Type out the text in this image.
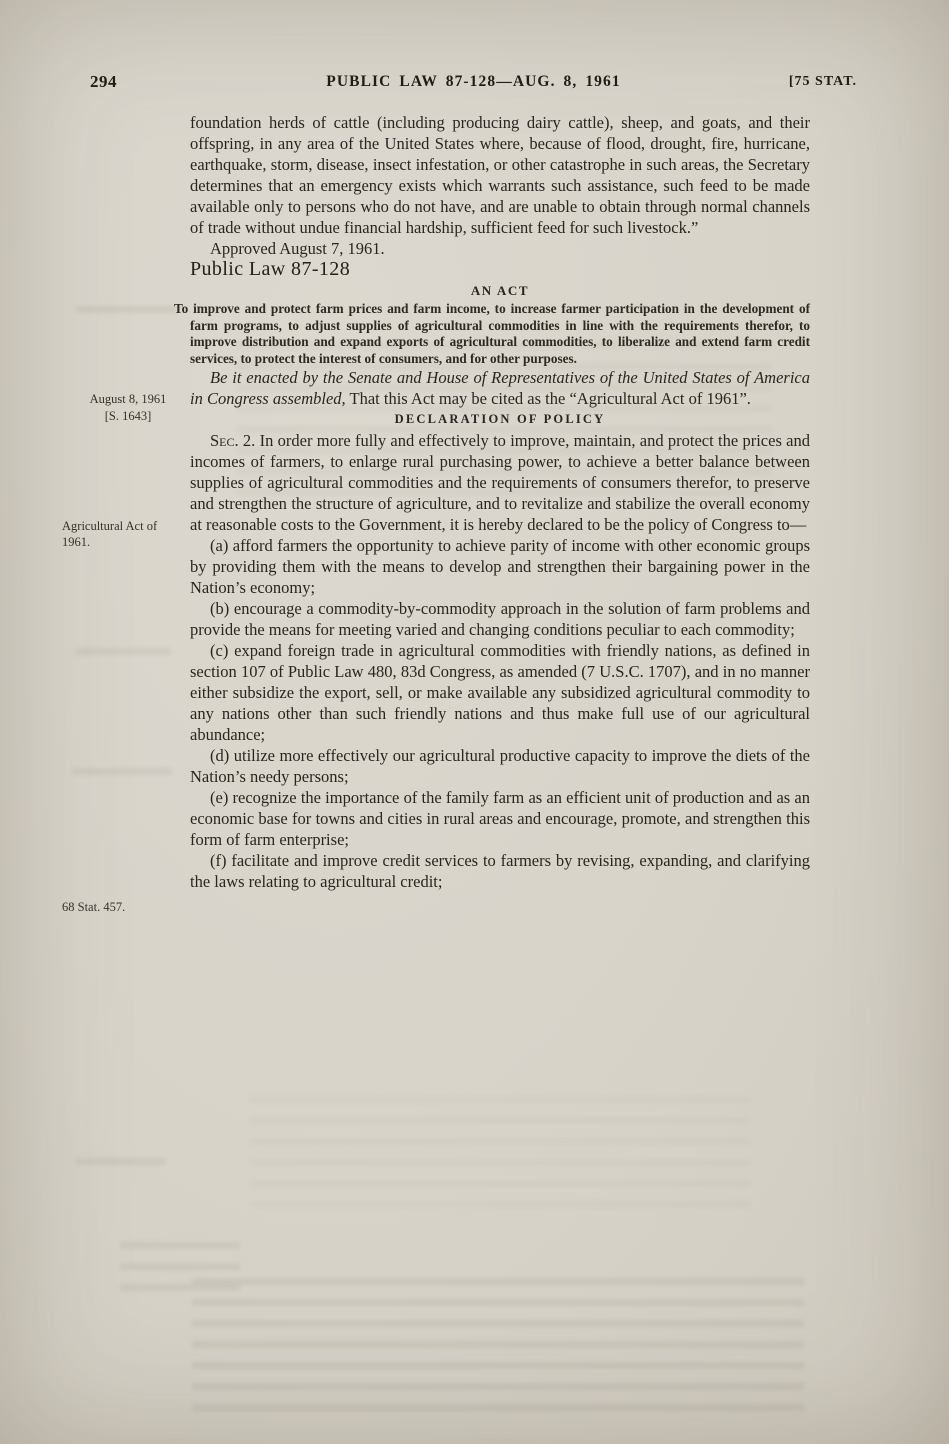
294	PUBLIC LAW 87-128—AUG. 8, 1961	[75 STAT.
August 8, 1961
[S. 1643]
Agricultural Act of 1961.
68 Stat. 457.

foundation herds of cattle (including producing dairy cattle), sheep, and goats, and their offspring, in any area of the United States where, because of flood, drought, fire, hurricane, earthquake, storm, disease, insect infestation, or other catastrophe in such areas, the Secretary determines that an emergency exists which warrants such assistance, such feed to be made available only to persons who do not have, and are unable to obtain through normal channels of trade without undue financial hardship, sufficient feed for such livestock.”

Approved August 7, 1961.

Public Law 87-128
AN ACT

To improve and protect farm prices and farm income, to increase farmer participation in the development of farm programs, to adjust supplies of agricultural commodities in line with the requirements therefor, to improve distribution and expand exports of agricultural commodities, to liberalize and extend farm credit services, to protect the interest of consumers, and for other purposes.

Be it enacted by the Senate and House of Representatives of the United States of America in Congress assembled, That this Act may be cited as the “Agricultural Act of 1961”.

DECLARATION OF POLICY

Sec. 2. In order more fully and effectively to improve, maintain, and protect the prices and incomes of farmers, to enlarge rural purchasing power, to achieve a better balance between supplies of agricultural commodities and the requirements of consumers therefor, to preserve and strengthen the structure of agriculture, and to revitalize and stabilize the overall economy at reasonable costs to the Government, it is hereby declared to be the policy of Congress to—

(a) afford farmers the opportunity to achieve parity of income with other economic groups by providing them with the means to develop and strengthen their bargaining power in the Nation’s economy;

(b) encourage a commodity-by-commodity approach in the solution of farm problems and provide the means for meeting varied and changing conditions peculiar to each commodity;

(c) expand foreign trade in agricultural commodities with friendly nations, as defined in section 107 of Public Law 480, 83d Congress, as amended (7 U.S.C. 1707), and in no manner either subsidize the export, sell, or make available any subsidized agricultural commodity to any nations other than such friendly nations and thus make full use of our agricultural abundance;

(d) utilize more effectively our agricultural productive capacity to improve the diets of the Nation’s needy persons;

(e) recognize the importance of the family farm as an efficient unit of production and as an economic base for towns and cities in rural areas and encourage, promote, and strengthen this form of farm enterprise;

(f) facilitate and improve credit services to farmers by revising, expanding, and clarifying the laws relating to agricultural credit;
